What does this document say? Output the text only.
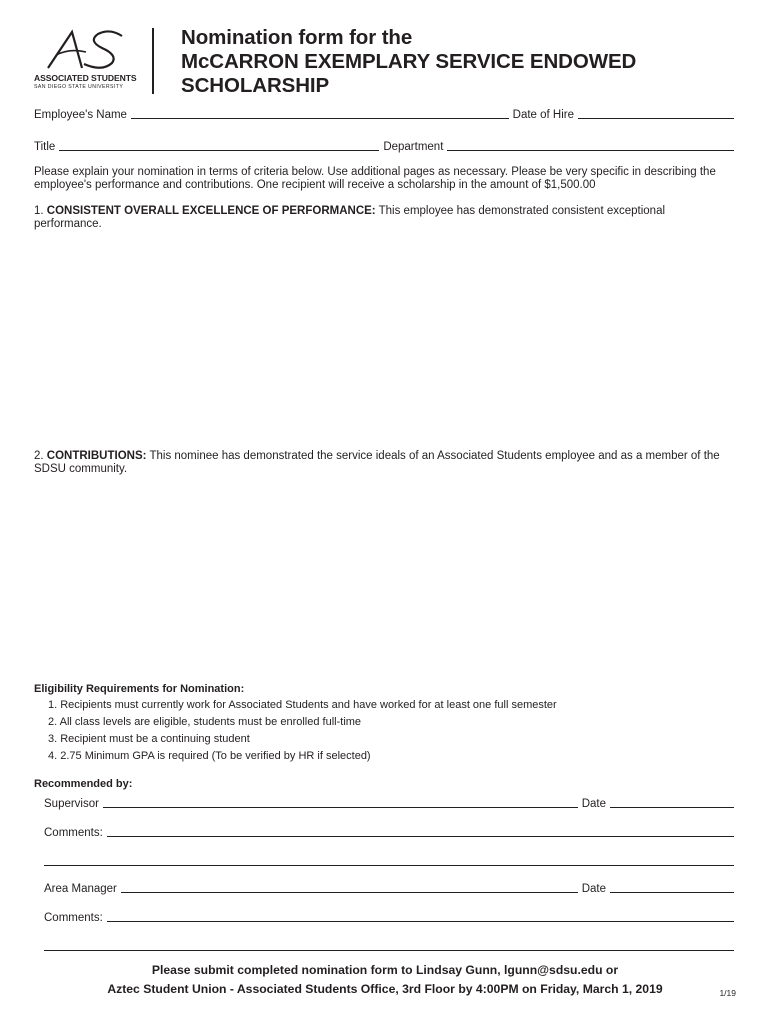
ASSOCIATED STUDENTS
SAN DIEGO STATE UNIVERSITY
Nomination form for the
McCARRON EXEMPLARY SERVICE ENDOWED
SCHOLARSHIP
Employee's Name	Date of Hire
Title	Department
Please explain your nomination in terms of criteria below. Use additional pages as necessary. Please be very specific in describing the employee's performance and contributions. One recipient will receive a scholarship in the amount of $1,500.00
1. CONSISTENT OVERALL EXCELLENCE OF PERFORMANCE: This employee has demonstrated consistent exceptional performance.
2. CONTRIBUTIONS: This nominee has demonstrated the service ideals of an Associated Students employee and as a member of the SDSU community.
Eligibility Requirements for Nomination:
1. Recipients must currently work for Associated Students and have worked for at least one full semester
2. All class levels are eligible, students must be enrolled full-time
3. Recipient must be a continuing student
4. 2.75 Minimum GPA is required (To be verified by HR if selected)
Recommended by:
Supervisor	Date
Comments:
Area Manager	Date
Comments:
Please submit completed nomination form to Lindsay Gunn, lgunn@sdsu.edu or
Aztec Student Union - Associated Students Office, 3rd Floor by 4:00PM on Friday, March 1, 2019	1/19
